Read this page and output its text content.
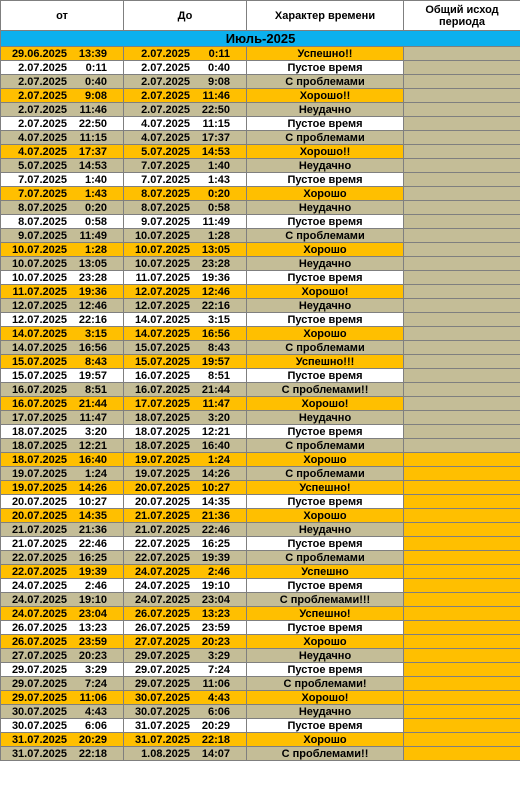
от	До	Характер времени	Общий исход периода
Июль-2025			
29.06.2025 13:39	2.07.2025 0:11	Успешно!!	
2.07.2025 0:11	2.07.2025 0:40	Пустое время	
2.07.2025 0:40	2.07.2025 9:08	С проблемами	
2.07.2025 9:08	2.07.2025 11:46	Хорошо!!	
2.07.2025 11:46	2.07.2025 22:50	Неудачно	
2.07.2025 22:50	4.07.2025 11:15	Пустое время	
4.07.2025 11:15	4.07.2025 17:37	С проблемами	
4.07.2025 17:37	5.07.2025 14:53	Хорошо!!	
5.07.2025 14:53	7.07.2025 1:40	Неудачно	
7.07.2025 1:40	7.07.2025 1:43	Пустое время	
7.07.2025 1:43	8.07.2025 0:20	Хорошо	
8.07.2025 0:20	8.07.2025 0:58	Неудачно	
8.07.2025 0:58	9.07.2025 11:49	Пустое время	
9.07.2025 11:49	10.07.2025 1:28	С проблемами	
10.07.2025 1:28	10.07.2025 13:05	Хорошо	
10.07.2025 13:05	10.07.2025 23:28	Неудачно	
10.07.2025 23:28	11.07.2025 19:36	Пустое время	
11.07.2025 19:36	12.07.2025 12:46	Хорошо!	
12.07.2025 12:46	12.07.2025 22:16	Неудачно	
12.07.2025 22:16	14.07.2025 3:15	Пустое время	
14.07.2025 3:15	14.07.2025 16:56	Хорошо	
14.07.2025 16:56	15.07.2025 8:43	С проблемами	
15.07.2025 8:43	15.07.2025 19:57	Успешно!!!	
15.07.2025 19:57	16.07.2025 8:51	Пустое время	
16.07.2025 8:51	16.07.2025 21:44	С проблемами!!	
16.07.2025 21:44	17.07.2025 11:47	Хорошо!	
17.07.2025 11:47	18.07.2025 3:20	Неудачно	
18.07.2025 3:20	18.07.2025 12:21	Пустое время	
18.07.2025 12:21	18.07.2025 16:40	С проблемами	
18.07.2025 16:40	19.07.2025 1:24	Хорошо	
19.07.2025 1:24	19.07.2025 14:26	С проблемами	
19.07.2025 14:26	20.07.2025 10:27	Успешно!	
20.07.2025 10:27	20.07.2025 14:35	Пустое время	
20.07.2025 14:35	21.07.2025 21:36	Хорошо	
21.07.2025 21:36	21.07.2025 22:46	Неудачно	
21.07.2025 22:46	22.07.2025 16:25	Пустое время	
22.07.2025 16:25	22.07.2025 19:39	С проблемами	
22.07.2025 19:39	24.07.2025 2:46	Успешно	
24.07.2025 2:46	24.07.2025 19:10	Пустое время	
24.07.2025 19:10	24.07.2025 23:04	С проблемами!!!	
24.07.2025 23:04	26.07.2025 13:23	Успешно!	
26.07.2025 13:23	26.07.2025 23:59	Пустое время	
26.07.2025 23:59	27.07.2025 20:23	Хорошо	
27.07.2025 20:23	29.07.2025 3:29	Неудачно	
29.07.2025 3:29	29.07.2025 7:24	Пустое время	
29.07.2025 7:24	29.07.2025 11:06	С проблемами!	
29.07.2025 11:06	30.07.2025 4:43	Хорошо!	
30.07.2025 4:43	30.07.2025 6:06	Неудачно	
30.07.2025 6:06	31.07.2025 20:29	Пустое время	
31.07.2025 20:29	31.07.2025 22:18	Хорошо	
31.07.2025 22:18	1.08.2025 14:07	С проблемами!!	
